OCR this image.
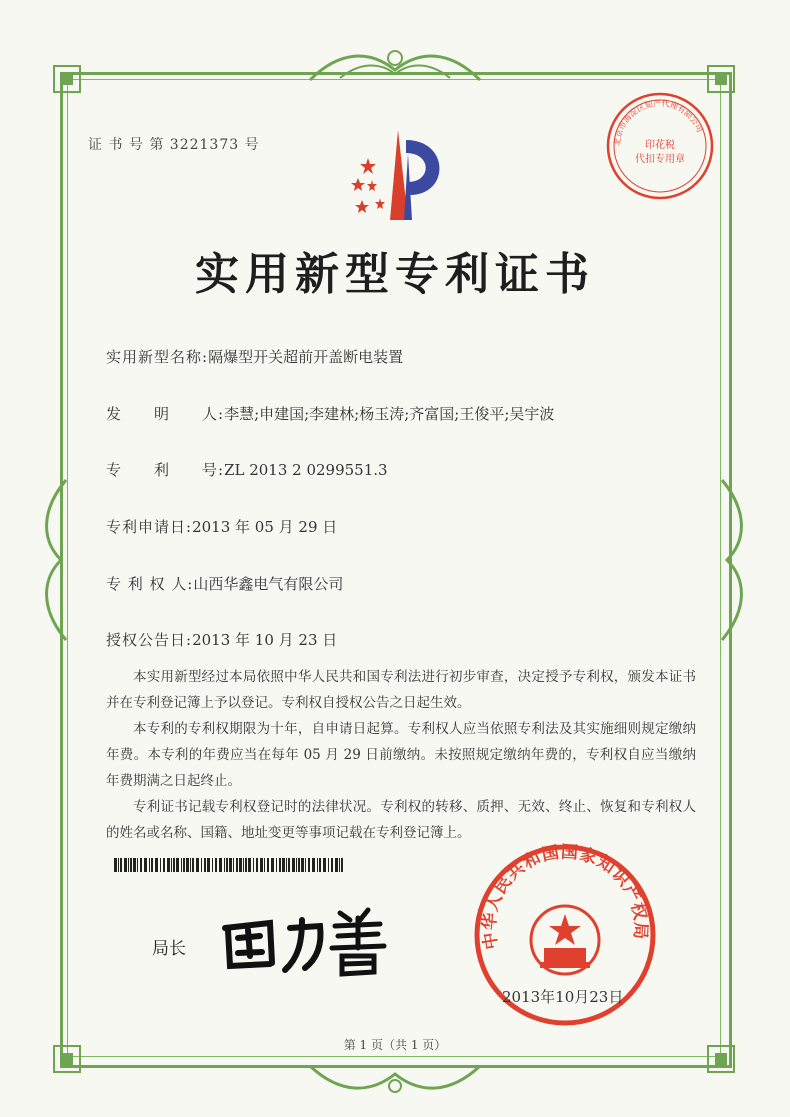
证 书 号 第 3221373 号	北京市海淀区知产代理有限公司
印花税
代扣专用章
实用新型专利证书
实用新型名称:隔爆型开关超前开盖断电装置
发　　明　　人:李慧;申建国;李建林;杨玉涛;齐富国;王俊平;吴宇波
专　　利　　号:ZL 2013 2 0299551.3
专利申请日:2013 年 05 月 29 日
专 利 权 人:山西华鑫电气有限公司
授权公告日:2013 年 10 月 23 日

本实用新型经过本局依照中华人民共和国专利法进行初步审查，决定授予专利权，颁发本证书并在专利登记簿上予以登记。专利权自授权公告之日起生效。

本专利的专利权期限为十年，自申请日起算。专利权人应当依照专利法及其实施细则规定缴纳年费。本专利的年费应当在每年 05 月 29 日前缴纳。未按照规定缴纳年费的，专利权自应当缴纳年费期满之日起终止。

专利证书记载专利权登记时的法律状况。专利权的转移、质押、无效、终止、恢复和专利权人的姓名或名称、国籍、地址变更等事项记载在专利登记簿上。

局长	中华人民共和国国家知识产权局
2013年10月23日
第 1 页（共 1 页）
